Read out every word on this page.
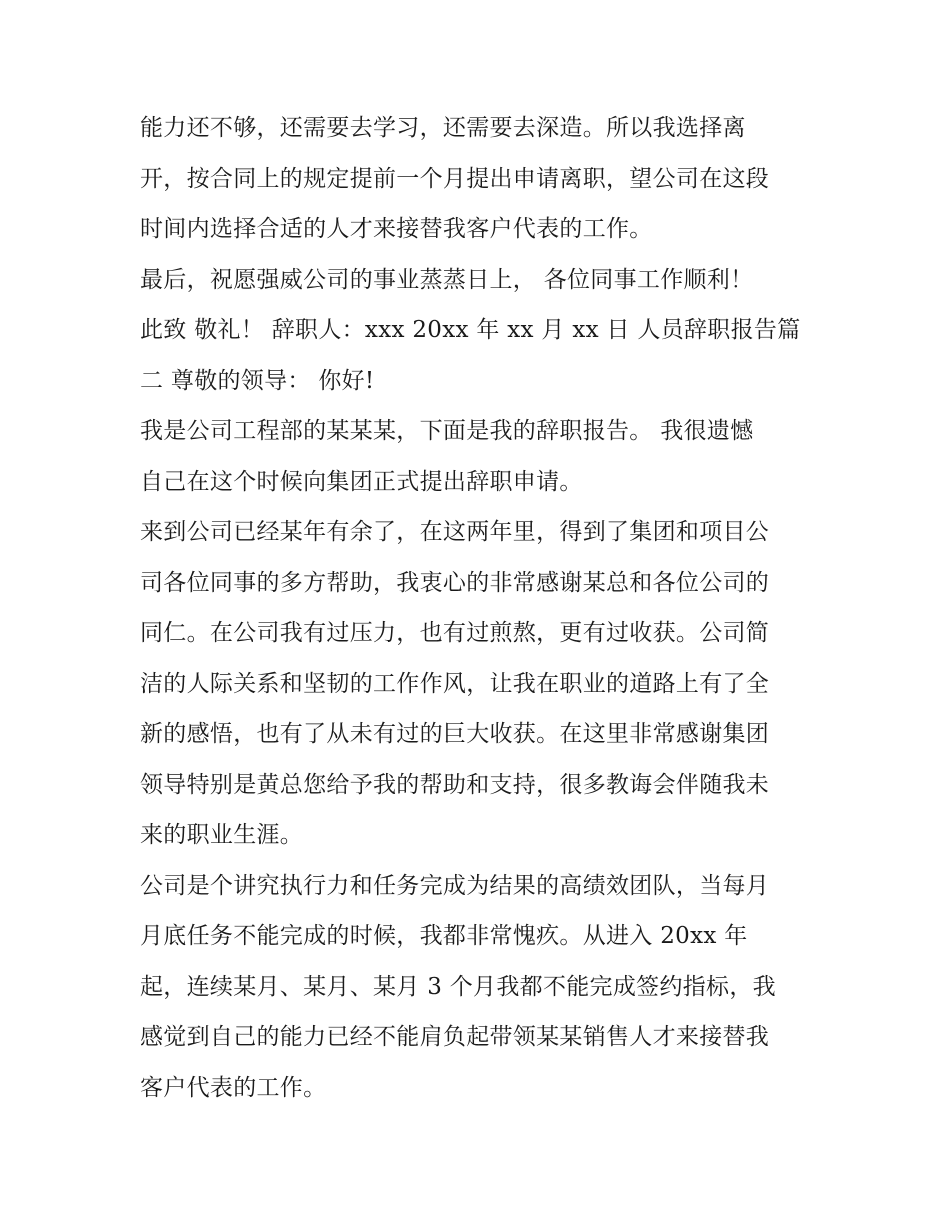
能力还不够，还需要去学习，还需要去深造。所以我选择离
开，按合同上的规定提前一个月提出申请离职，望公司在这段
时间内选择合适的人才来接替我客户代表的工作。
最后，祝愿强威公司的事业蒸蒸日上， 各位同事工作顺利！
此致 敬礼！ 辞职人：xxx 20xx 年 xx 月 xx 日 人员辞职报告篇
二 尊敬的领导： 你好!
我是公司工程部的某某某，下面是我的辞职报告。 我很遗憾
自己在这个时候向集团正式提出辞职申请。
来到公司已经某年有余了，在这两年里，得到了集团和项目公
司各位同事的多方帮助，我衷心的非常感谢某总和各位公司的
同仁。在公司我有过压力，也有过煎熬，更有过收获。公司简
洁的人际关系和坚韧的工作作风，让我在职业的道路上有了全
新的感悟，也有了从未有过的巨大收获。在这里非常感谢集团
领导特别是黄总您给予我的帮助和支持，很多教诲会伴随我未
来的职业生涯。
公司是个讲究执行力和任务完成为结果的高绩效团队，当每月
月底任务不能完成的时候，我都非常愧疚。从进入 20xx 年
起，连续某月、某月、某月 3 个月我都不能完成签约指标，我
感觉到自己的能力已经不能肩负起带领某某销售人才来接替我
客户代表的工作。
